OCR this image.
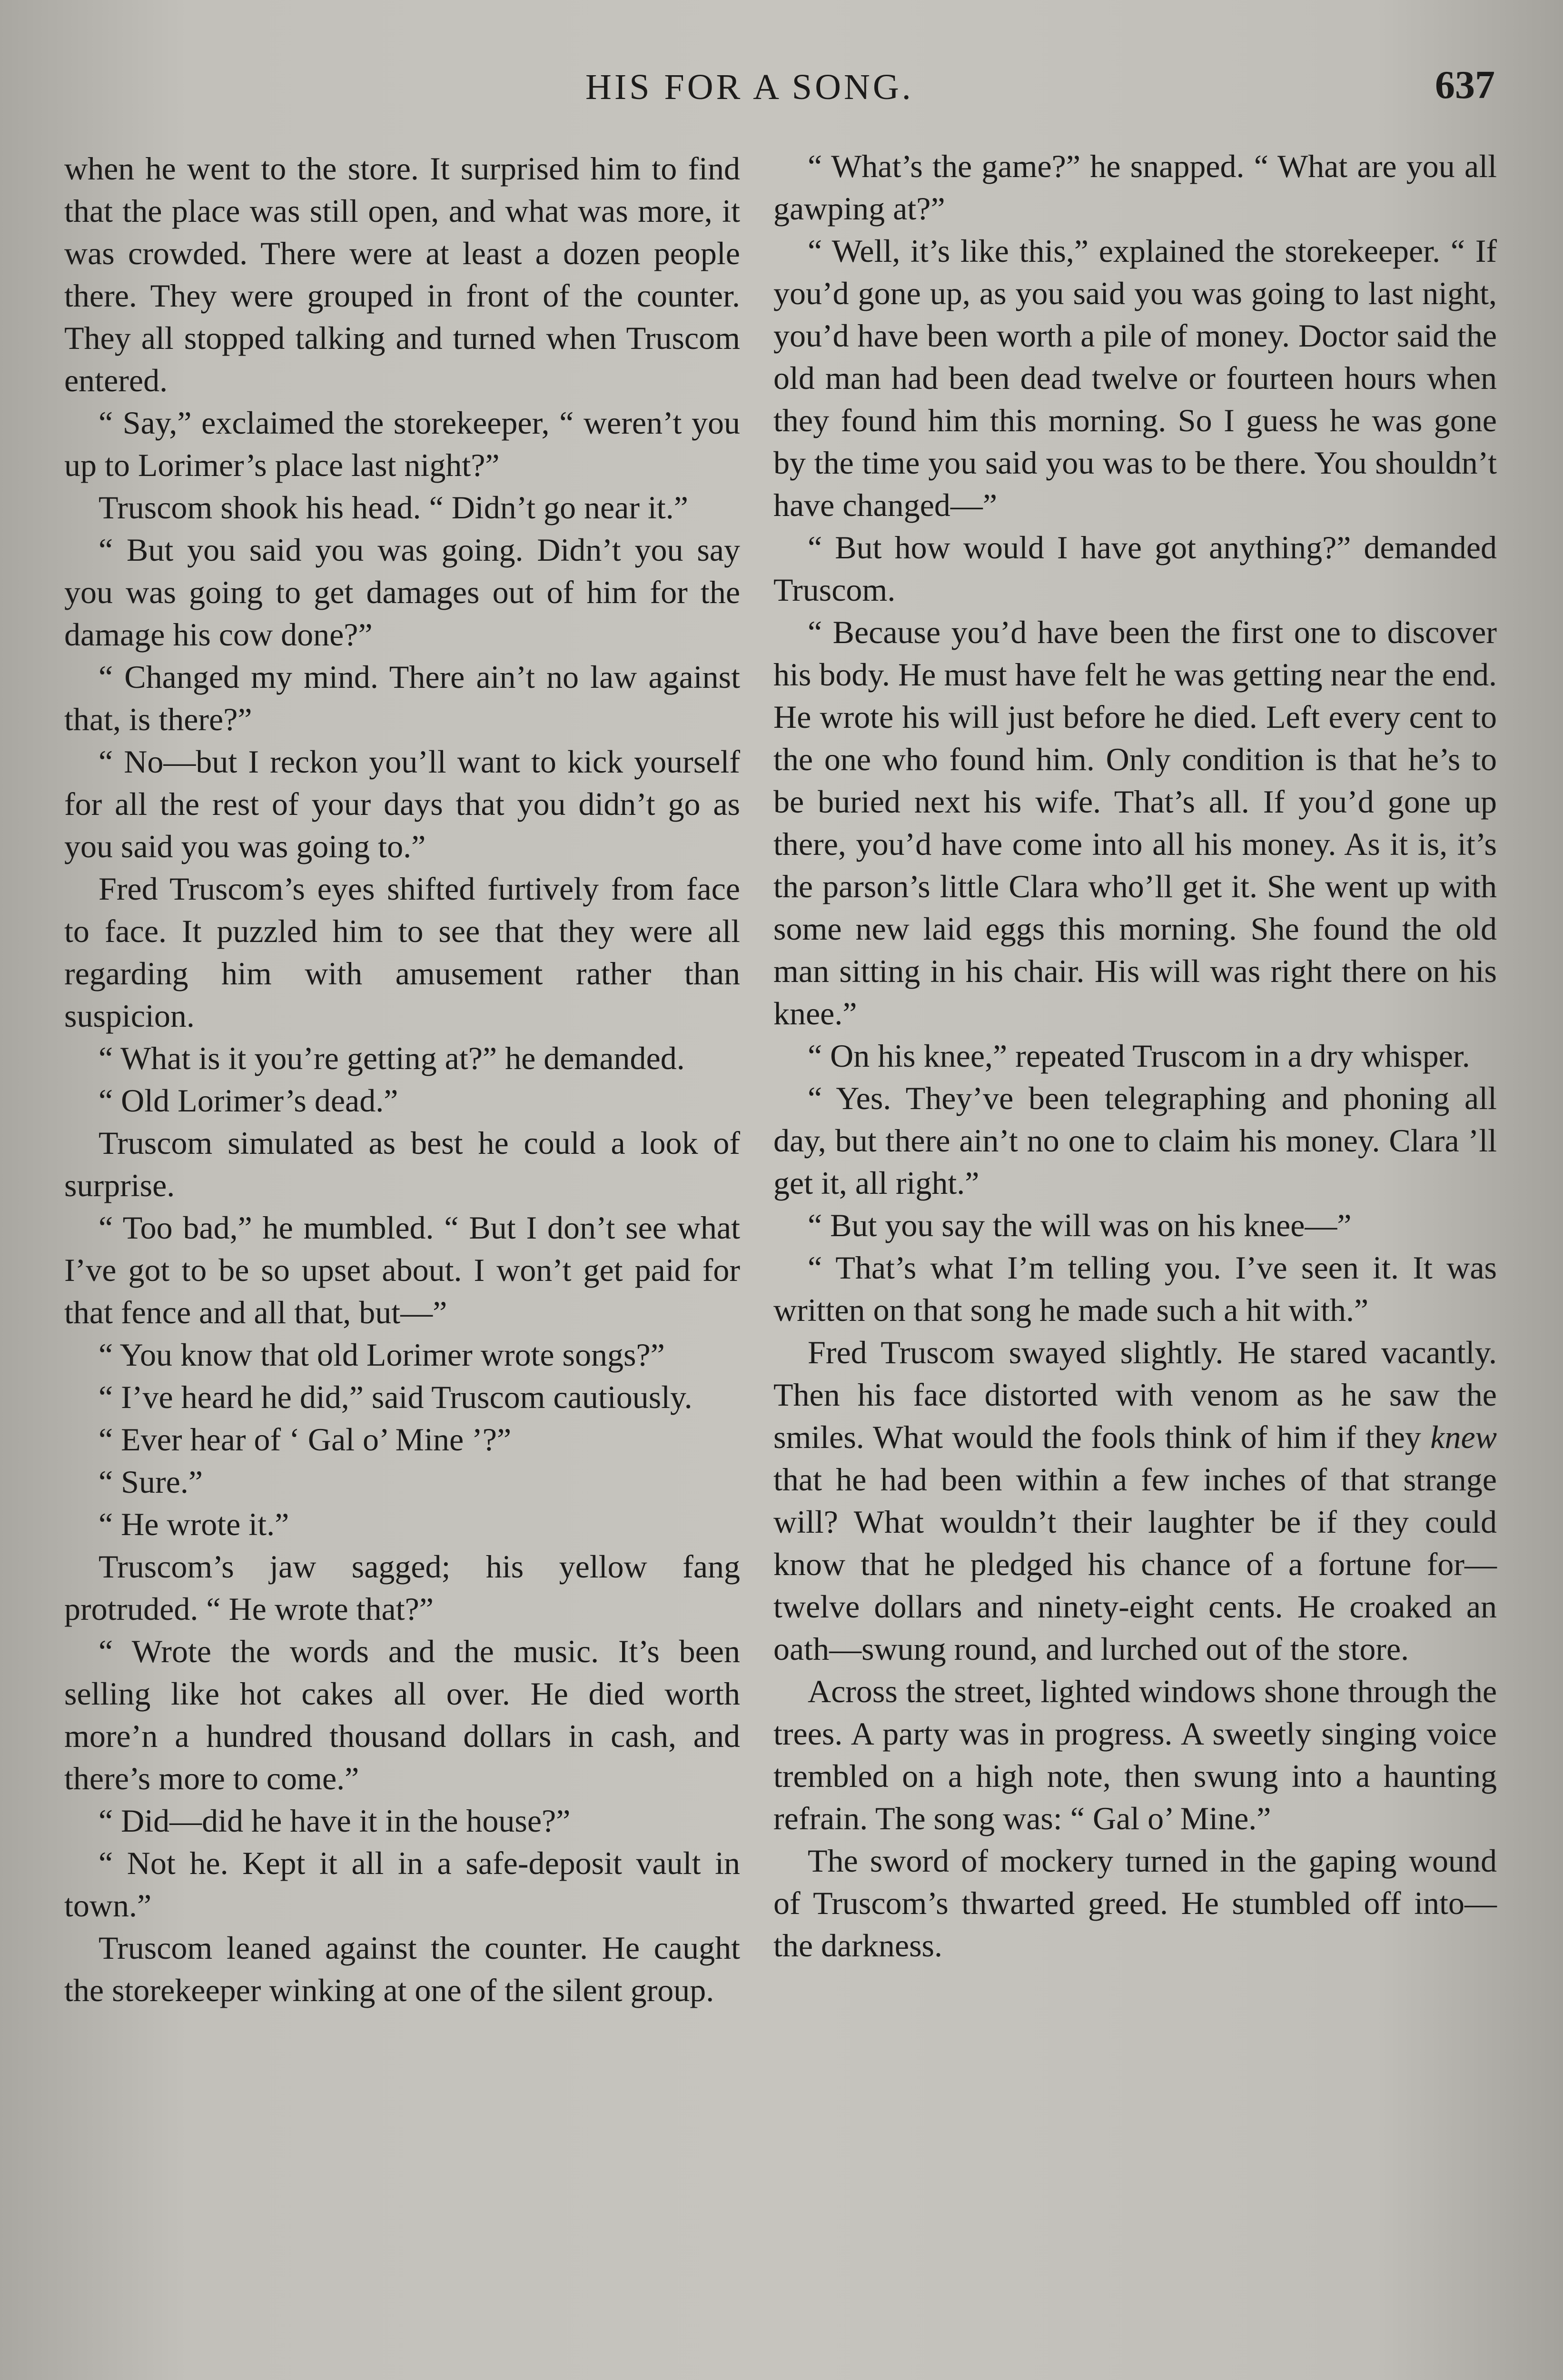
HIS FOR A SONG.	637

when he went to the store. It surprised him to find that the place was still open, and what was more, it was crowded. There were at least a dozen people there. They were grouped in front of the counter. They all stopped talking and turned when Truscom entered.

“ Say,” exclaimed the storekeeper, “ weren’t you up to Lorimer’s place last night?”

Truscom shook his head. “ Didn’t go near it.”

“ But you said you was going. Didn’t you say you was going to get damages out of him for the damage his cow done?”

“ Changed my mind. There ain’t no law against that, is there?”

“ No—but I reckon you’ll want to kick yourself for all the rest of your days that you didn’t go as you said you was going to.”

Fred Truscom’s eyes shifted furtively from face to face. It puzzled him to see that they were all regarding him with amusement rather than suspicion.

“ What is it you’re getting at?” he demanded.

“ Old Lorimer’s dead.”

Truscom simulated as best he could a look of surprise.

“ Too bad,” he mumbled. “ But I don’t see what I’ve got to be so upset about. I won’t get paid for that fence and all that, but—”

“ You know that old Lorimer wrote songs?”

“ I’ve heard he did,” said Truscom cautiously.

“ Ever hear of ‘ Gal o’ Mine ’?”

“ Sure.”

“ He wrote it.”

Truscom’s jaw sagged; his yellow fang protruded. “ He wrote that?”

“ Wrote the words and the music. It’s been selling like hot cakes all over. He died worth more’n a hundred thousand dollars in cash, and there’s more to come.”

“ Did—did he have it in the house?”

“ Not he. Kept it all in a safe-deposit vault in town.”

Truscom leaned against the counter. He caught the storekeeper winking at one of the silent group.

“ What’s the game?” he snapped. “ What are you all gawping at?”

“ Well, it’s like this,” explained the storekeeper. “ If you’d gone up, as you said you was going to last night, you’d have been worth a pile of money. Doctor said the old man had been dead twelve or fourteen hours when they found him this morning. So I guess he was gone by the time you said you was to be there. You shouldn’t have changed—”

“ But how would I have got anything?” demanded Truscom.

“ Because you’d have been the first one to discover his body. He must have felt he was getting near the end. He wrote his will just before he died. Left every cent to the one who found him. Only condition is that he’s to be buried next his wife. That’s all. If you’d gone up there, you’d have come into all his money. As it is, it’s the parson’s little Clara who’ll get it. She went up with some new laid eggs this morning. She found the old man sitting in his chair. His will was right there on his knee.”

“ On his knee,” repeated Truscom in a dry whisper.

“ Yes. They’ve been telegraphing and phoning all day, but there ain’t no one to claim his money. Clara ’ll get it, all right.”

“ But you say the will was on his knee—”

“ That’s what I’m telling you. I’ve seen it. It was written on that song he made such a hit with.”

Fred Truscom swayed slightly. He stared vacantly. Then his face distorted with venom as he saw the smiles. What would the fools think of him if they knew that he had been within a few inches of that strange will? What wouldn’t their laughter be if they could know that he pledged his chance of a fortune for—twelve dollars and ninety-eight cents. He croaked an oath—swung round, and lurched out of the store.

Across the street, lighted windows shone through the trees. A party was in progress. A sweetly singing voice trembled on a high note, then swung into a haunting refrain. The song was: “ Gal o’ Mine.”

The sword of mockery turned in the gaping wound of Truscom’s thwarted greed. He stumbled off into—the darkness.
